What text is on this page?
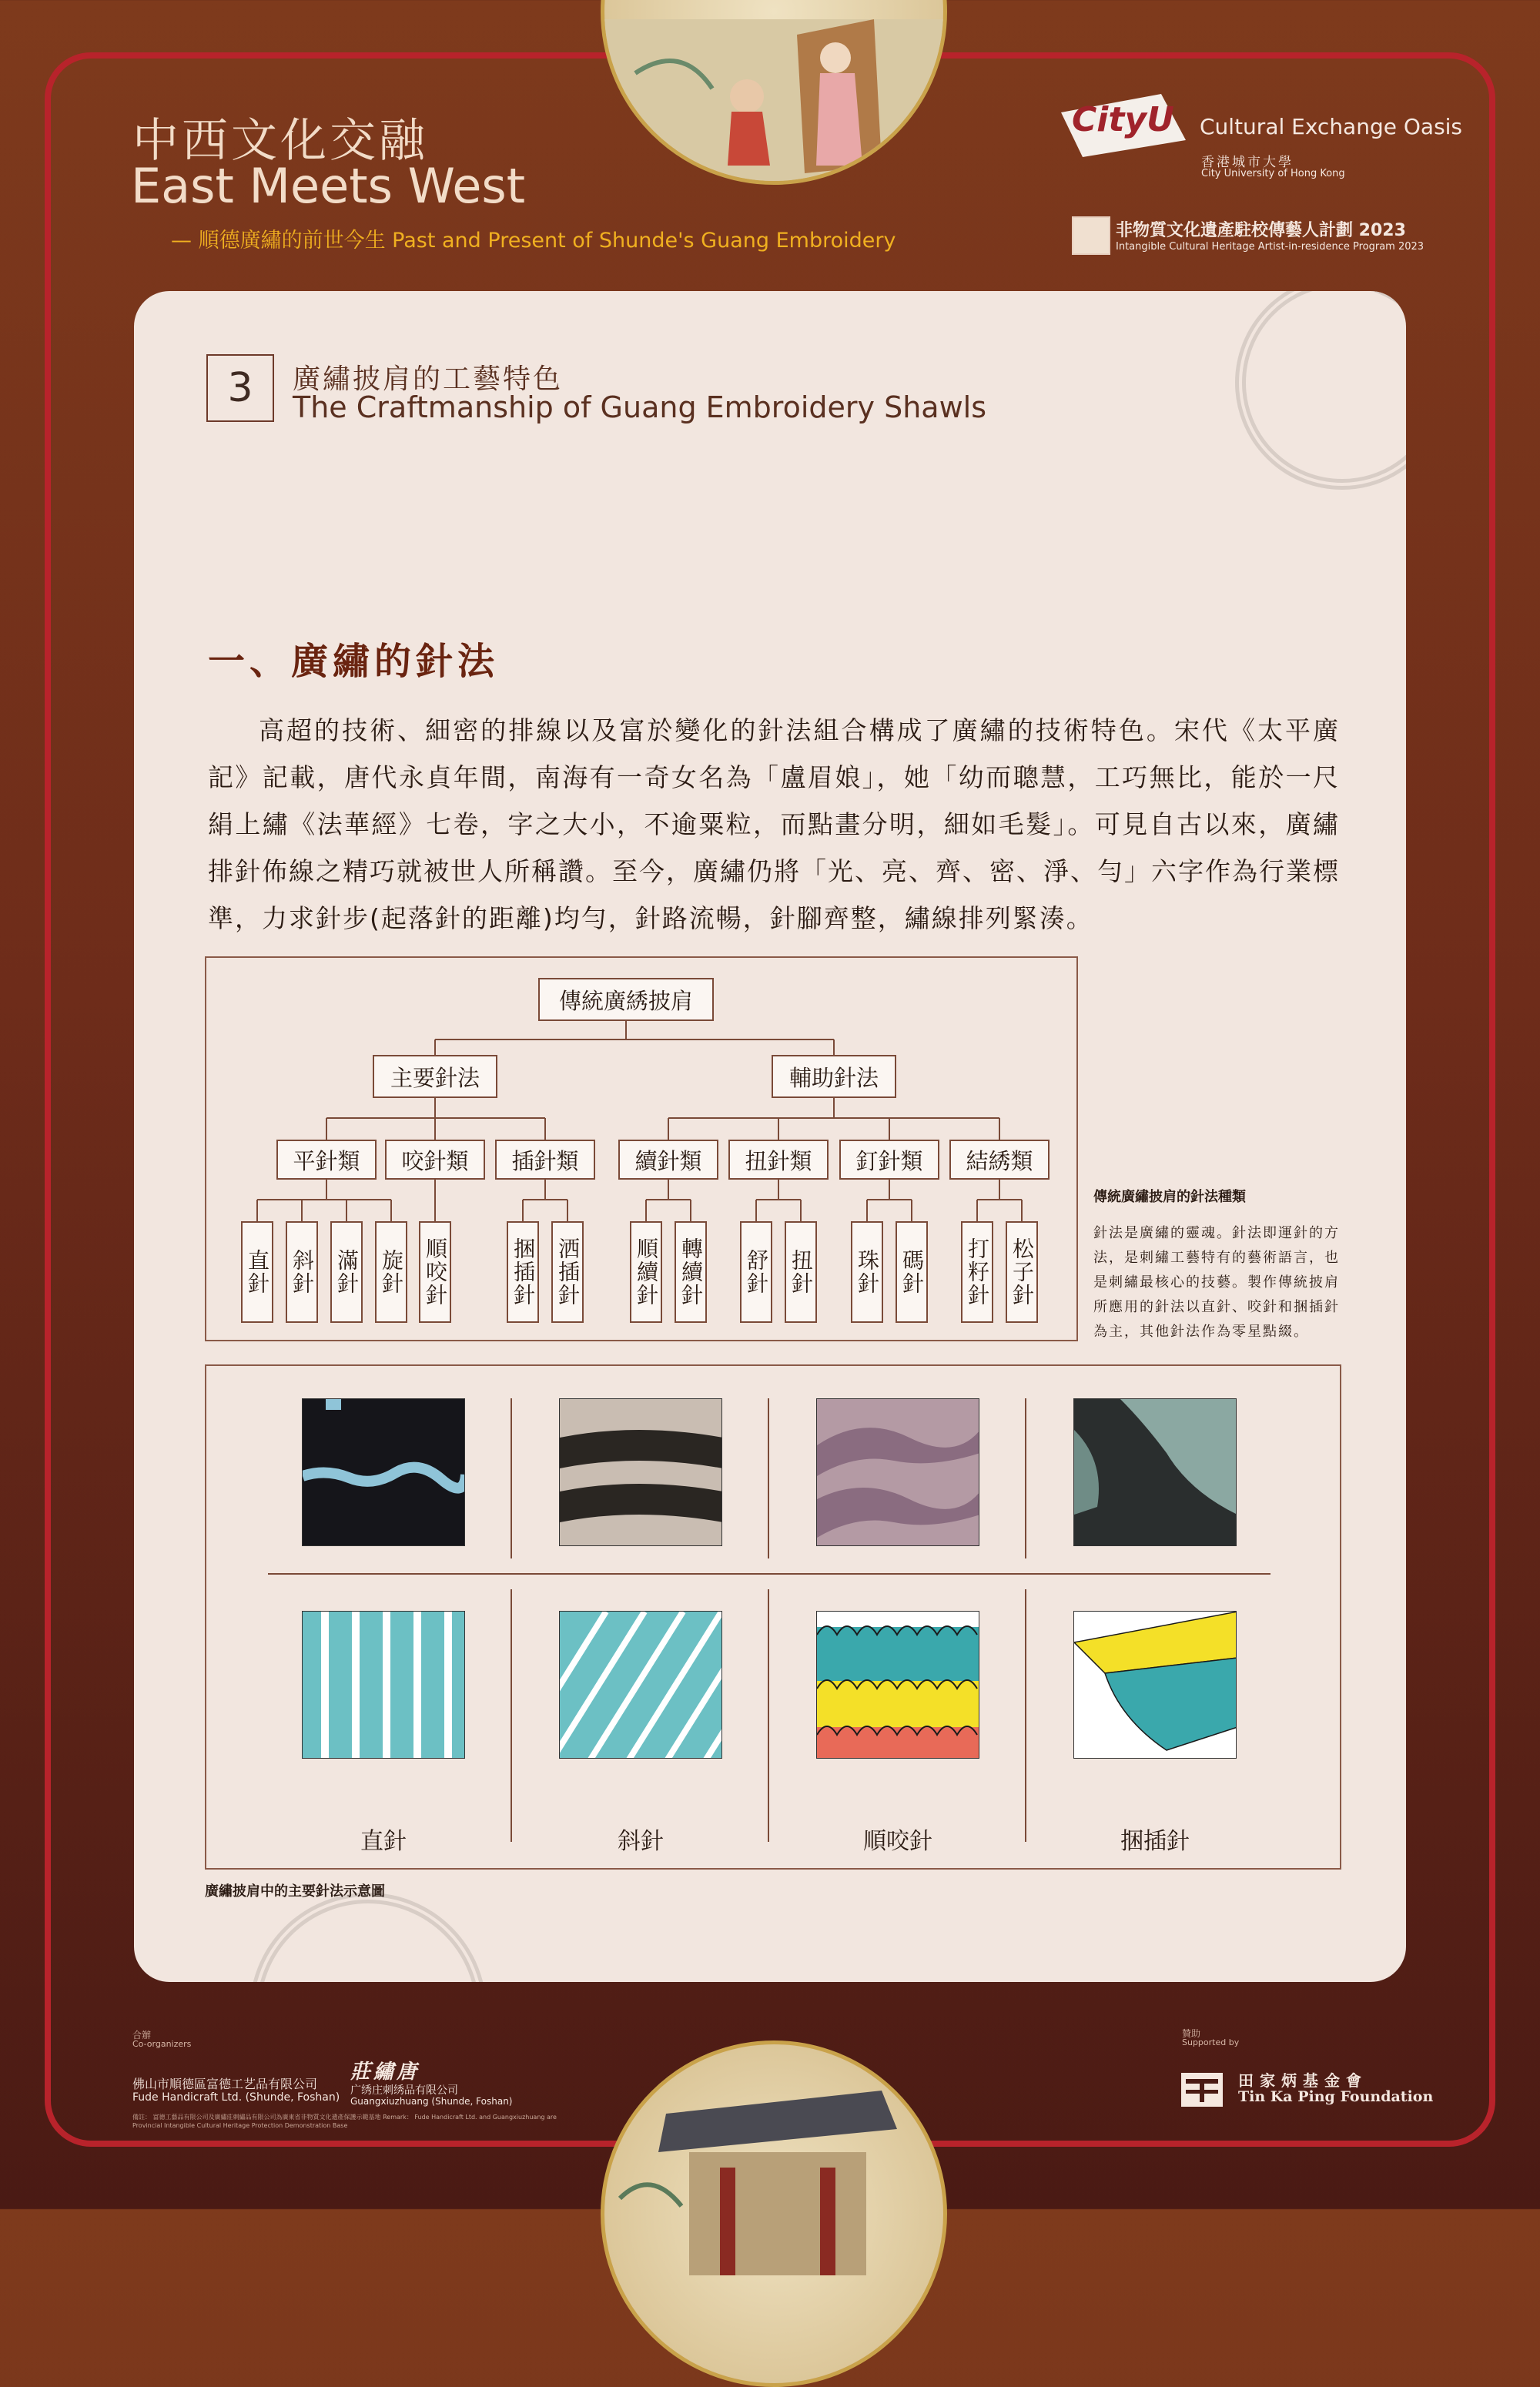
中西文化交融
East Meets West
— 順德廣繡的前世今生 Past and Present of Shunde's Guang Embroidery
CityU Cultural Exchange Oasis
香港城市大學
City University of Hong Kong
非物質文化遺產駐校傳藝人計劃 2023
Intangible Cultural Heritage Artist-in-residence Program 2023
3	廣繡披肩的工藝特色
The Craftmanship of Guang Embroidery Shawls
一、廣繡的針法
高超的技術、細密的排線以及富於變化的針法組合構成了廣繡的技術特色。宋代《太平廣記》記載，唐代永貞年間，南海有一奇女名為「盧眉娘」，她「幼而聰慧，工巧無比，能於一尺絹上繡《法華經》七卷，字之大小，不逾粟粒，而點畫分明，細如毛髮」。可見自古以來，廣繡排針佈線之精巧就被世人所稱讚。至今，廣繡仍將「光、亮、齊、密、淨、勻」六字作為行業標準，力求針步(起落針的距離)均勻，針路流暢，針腳齊整，繡線排列緊湊。
傳統廣綉披肩
主要針法	輔助針法
平針類	咬針類	插針類	續針類	扭針類	釘針類	結綉類
直針 斜針 滿針 旋針 順咬針	捆插針 洒插針 順續針 轉續針 舒針 扭針 珠針 碼針 打籽針 松子針
傳統廣繡披肩的針法種類
針法是廣繡的靈魂。針法即運針的方法，是刺繡工藝特有的藝術語言，也是刺繡最核心的技藝。製作傳統披肩所應用的針法以直針、咬針和捆插針為主，其他針法作為零星點綴。
直針	斜針	順咬針	捆插針
廣繡披肩中的主要針法示意圖
合辦
Co-organizers
佛山市順德區富德工艺品有限公司
Fude Handicraft Ltd. (Shunde, Foshan)
莊繡唐
广绣庄刺绣品有限公司
Guangxiuzhuang (Shunde, Foshan)
備註： 富德工藝品有限公司及廣繡莊刺繡品有限公司為廣東省非物質文化遺產保護示範基地 Remark： Fude Handicraft Ltd. and Guangxiuzhuang are Provincial Intangible Cultural Heritage Protection Demonstration Base
贊助
Supported by
田家炳基金會
Tin Ka Ping Foundation
